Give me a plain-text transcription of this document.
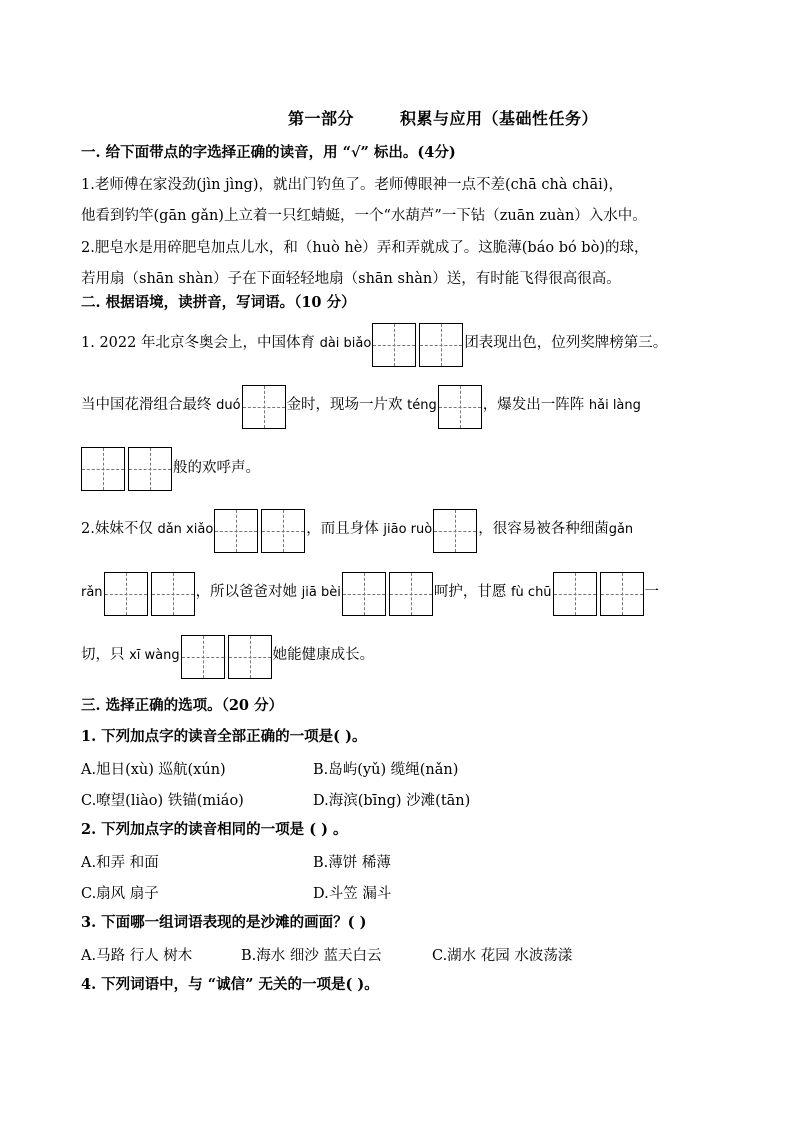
第一部分	积累与应用（基础性任务）
一. 给下面带点的字选择正确的读音，用 “√” 标出。(4分)
1.老师傅在家没劲(jìn jìng)，就出门钓鱼了。老师傅眼神一点不差(chā chà chāi)，
他看到钓竿(gān gǎn)上立着一只红蜻蜓，一个“水葫芦”一下钻（zuān zuàn）入水中。
2.肥皂水是用碎肥皂加点儿水，和（huò hè）弄和弄就成了。这脆薄(báo bó bò)的球，
若用扇（shān shàn）子在下面轻轻地扇（shān shàn）送，有时能飞得很高很高。
二. 根据语境，读拼音，写词语。（10 分）
1. 2022 年北京冬奥会上，中国体育 dài biǎo	团表现出色，位列奖牌榜第三。
当中国花滑组合最终 duó	金时，现场一片欢 téng	，爆发出一阵阵 hǎi làng
般的欢呼声。
2.妹妹不仅 dǎn xiǎo	，而且身体 jiāo ruò	，很容易被各种细菌gǎn
rǎn	，所以爸爸对她 jiā bèi	呵护，甘愿 fù chū	一
切，只 xī wàng	她能健康成长。
三. 选择正确的选项。（20 分）
1. 下列加点字的读音全部正确的一项是( )。
A.旭日(xù) 巡航(xún)	B.岛屿(yǔ) 缆绳(nǎn)
C.嘹望(liào) 铁锚(miáo)	D.海滨(bīng) 沙滩(tān)
2. 下列加点字的读音相同的一项是 ( ) 。
A.和弄 和面	B.薄饼 稀薄
C.扇风 扇子	D.斗笠 漏斗
3. 下面哪一组词语表现的是沙滩的画面？( )
A.马路 行人 树木	B.海水 细沙 蓝天白云	C.湖水 花园 水波荡漾
4. 下列词语中，与 “诚信” 无关的一项是( )。
